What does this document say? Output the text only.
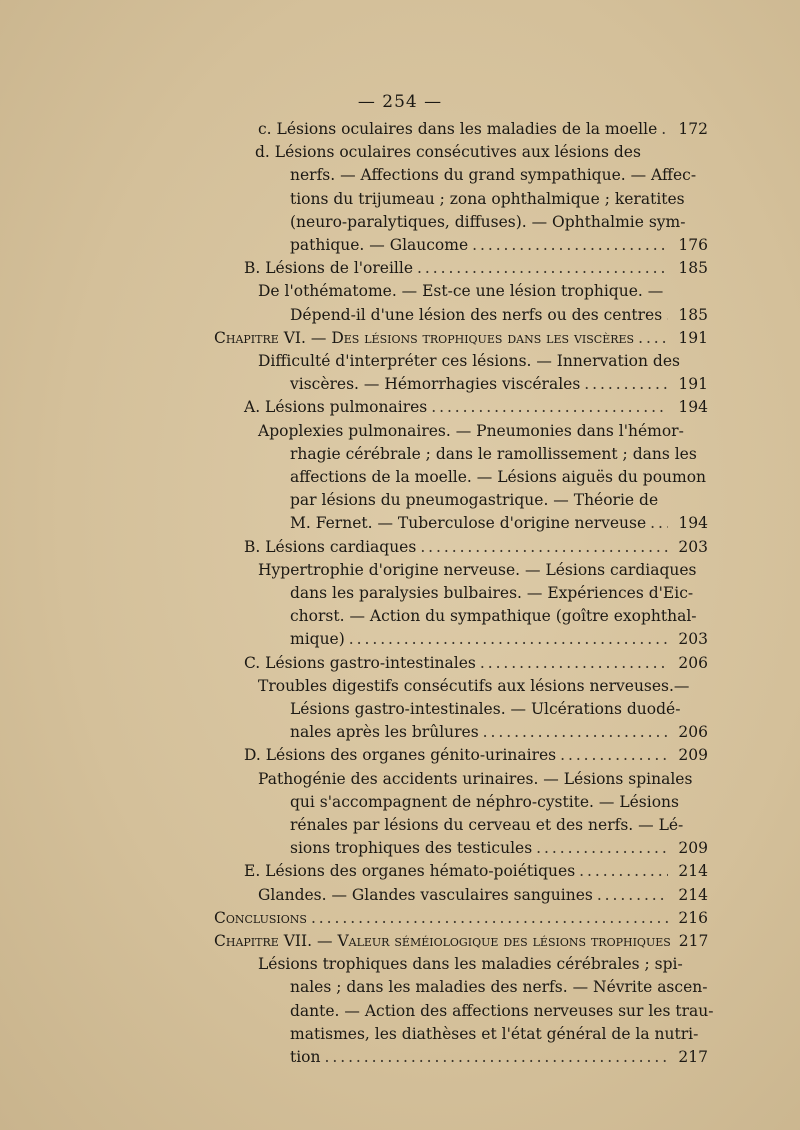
— 254 —
c. Lésions oculaires dans les maladies de la moelle . . .	172
d. Lésions oculaires consécutives aux lésions des
nerfs. — Affections du grand sympathique. — Affec-
tions du trijumeau ; zona ophthalmique ; keratites
(neuro-paralytiques, diffuses). — Ophthalmie sym-
pathique. — Glaucome . . .	176
B. Lésions de l'oreille . . .	185
De l'othématome. — Est-ce une lésion trophique. —
Dépend-il d'une lésion des nerfs ou des centres . . .	185
Chapitre VI. — Des lésions trophiques dans les viscères . . .	191
Difficulté d'interpréter ces lésions. — Innervation des
viscères. — Hémorrhagies viscérales . . .	191
A. Lésions pulmonaires . . .	194
Apoplexies pulmonaires. — Pneumonies dans l'hémor-
rhagie cérébrale ; dans le ramollissement ; dans les
affections de la moelle. — Lésions aiguës du poumon
par lésions du pneumogastrique. — Théorie de
M. Fernet. — Tuberculose d'origine nerveuse . . .	194
B. Lésions cardiaques . . .	203
Hypertrophie d'origine nerveuse. — Lésions cardiaques
dans les paralysies bulbaires. — Expériences d'Eic-
chorst. — Action du sympathique (goître exophthal-
mique) . . .	203
C. Lésions gastro-intestinales . . .	206
Troubles digestifs consécutifs aux lésions nerveuses.—
Lésions gastro-intestinales. — Ulcérations duodé-
nales après les brûlures . . .	206
D. Lésions des organes génito-urinaires . . .	209
Pathogénie des accidents urinaires. — Lésions spinales
qui s'accompagnent de néphro-cystite. — Lésions
rénales par lésions du cerveau et des nerfs. — Lé-
sions trophiques des testicules . . .	209
E. Lésions des organes hémato-poiétiques . . .	214
Glandes. — Glandes vasculaires sanguines . . .	214
Conclusions . . .	216
Chapitre VII. — Valeur séméiologique des lésions trophiques 217
Lésions trophiques dans les maladies cérébrales ; spi-
nales ; dans les maladies des nerfs. — Névrite ascen-
dante. — Action des affections nerveuses sur les trau-
matismes, les diathèses et l'état général de la nutri-
tion . . .	217
